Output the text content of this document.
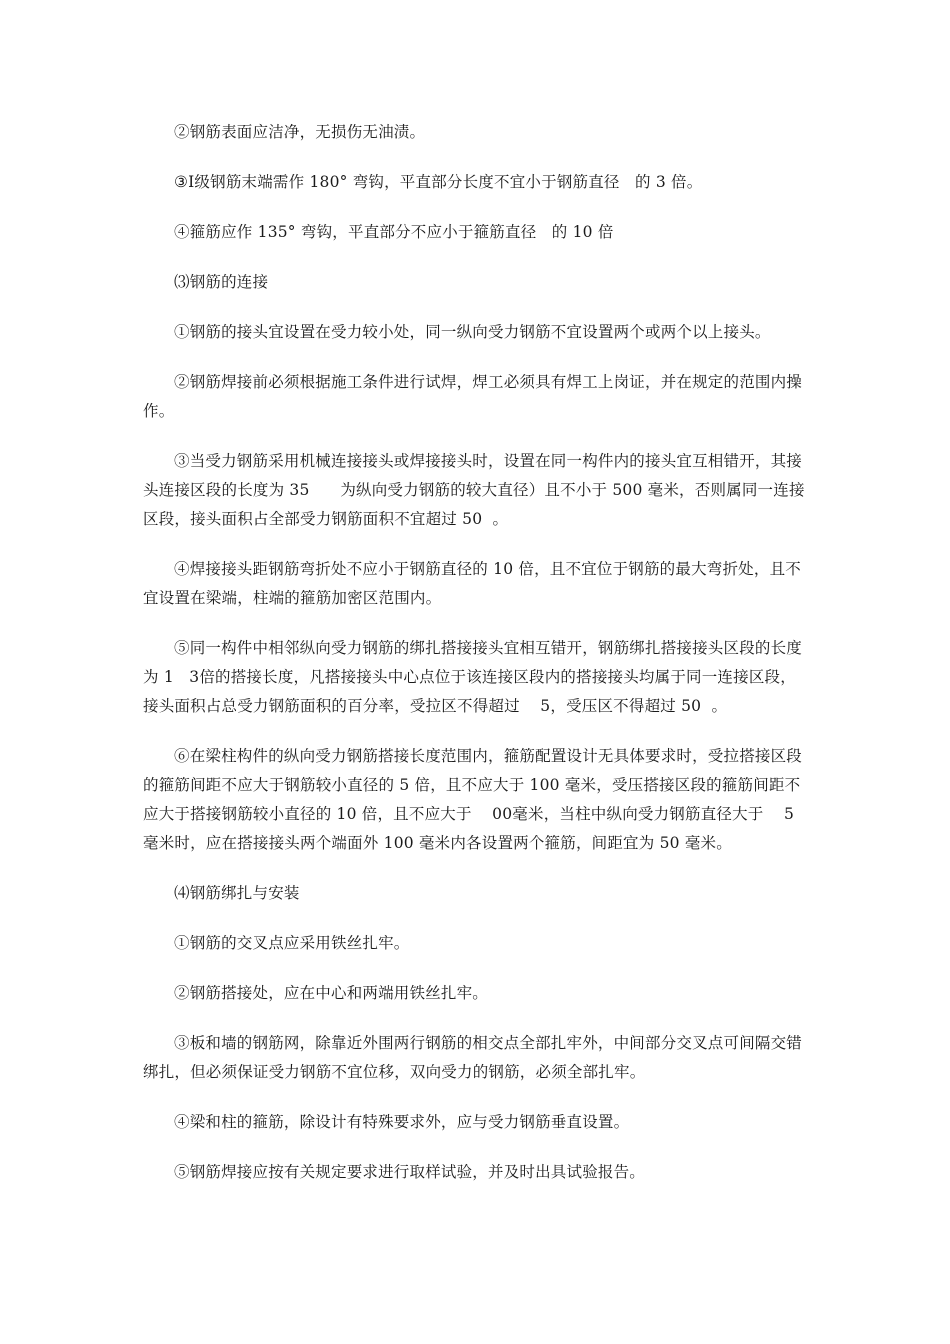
②钢筋表面应洁净，无损伤无油渍。

③Ⅰ级钢筋末端需作 180° 弯钩，平直部分长度不宜小于钢筋直径   的 3 倍。

④箍筋应作 135° 弯钩，平直部分不应小于箍筋直径   的 10 倍

⑶钢筋的连接

①钢筋的接头宜设置在受力较小处，同一纵向受力钢筋不宜设置两个或两个以上接头。

②钢筋焊接前必须根据施工条件进行试焊，焊工必须具有焊工上岗证，并在规定的范围内操作。

③当受力钢筋采用机械连接接头或焊接接头时，设置在同一构件内的接头宜互相错开，其接头连接区段的长度为 35      为纵向受力钢筋的较大直径）且不小于 500 毫米，否则属同一连接区段，接头面积占全部受力钢筋面积不宜超过 50  。

④焊接接头距钢筋弯折处不应小于钢筋直径的 10 倍，且不宜位于钢筋的最大弯折处，且不宜设置在梁端，柱端的箍筋加密区范围内。

⑤同一构件中相邻纵向受力钢筋的绑扎搭接接头宜相互错开，钢筋绑扎搭接接头区段的长度为 1   3倍的搭接长度，凡搭接接头中心点位于该连接区段内的搭接接头均属于同一连接区段，接头面积占总受力钢筋面积的百分率，受拉区不得超过    5，受压区不得超过 50  。

⑥在梁柱构件的纵向受力钢筋搭接长度范围内，箍筋配置设计无具体要求时，受拉搭接区段的箍筋间距不应大于钢筋较小直径的 5 倍，且不应大于 100 毫米，受压搭接区段的箍筋间距不应大于搭接钢筋较小直径的 10 倍，且不应大于    00毫米，当柱中纵向受力钢筋直径大于    5毫米时，应在搭接接头两个端面外 100 毫米内各设置两个箍筋，间距宜为 50 毫米。

⑷钢筋绑扎与安装

①钢筋的交叉点应采用铁丝扎牢。

②钢筋搭接处，应在中心和两端用铁丝扎牢。

③板和墙的钢筋网，除靠近外围两行钢筋的相交点全部扎牢外，中间部分交叉点可间隔交错绑扎，但必须保证受力钢筋不宜位移，双向受力的钢筋，必须全部扎牢。

④梁和柱的箍筋，除设计有特殊要求外，应与受力钢筋垂直设置。

⑤钢筋焊接应按有关规定要求进行取样试验，并及时出具试验报告。
